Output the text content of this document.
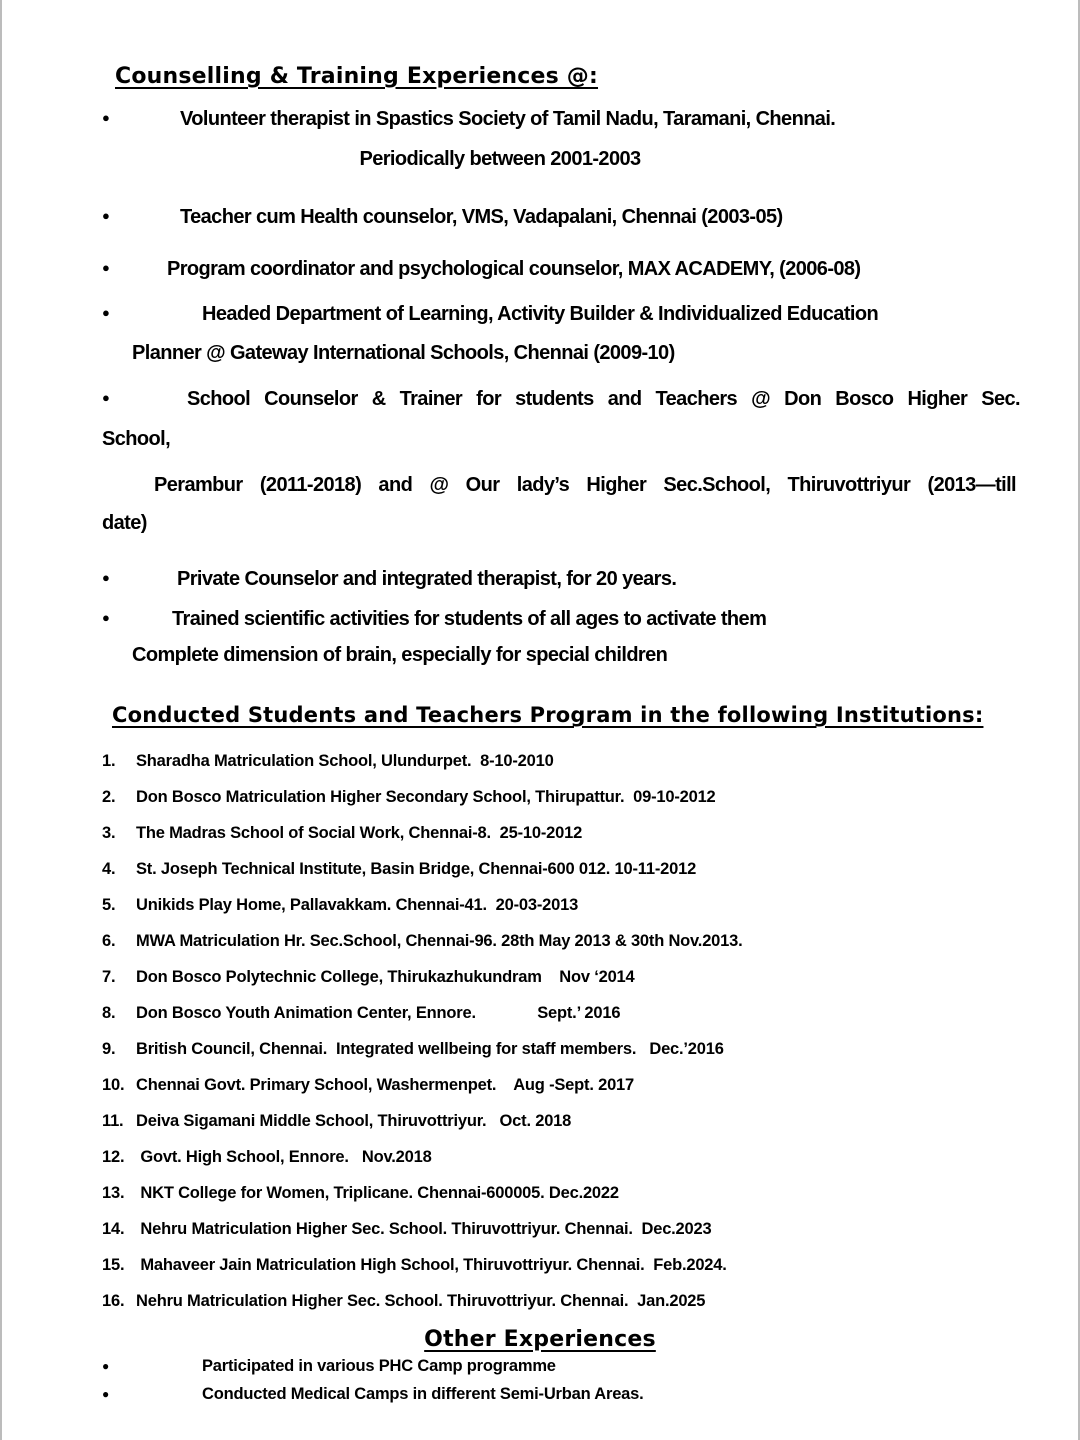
Counselling & Training Experiences @:
●	Volunteer therapist in Spastics Society of Tamil Nadu, Taramani, Chennai.
Periodically between 2001-2003
●	Teacher cum Health counselor, VMS, Vadapalani, Chennai (2003-05)
●	Program coordinator and psychological counselor, MAX ACADEMY, (2006-08)
●	Headed Department of Learning, Activity Builder & Individualized Education
Planner @ Gateway International Schools, Chennai (2009-10)
●	School Counselor & Trainer for students and Teachers @ Don Bosco Higher Sec.
School,
Perambur (2011-2018) and @ Our lady’s Higher Sec.School, Thiruvottriyur (2013—till
date)
●	Private Counselor and integrated therapist, for 20 years.
●	Trained scientific activities for students of all ages to activate them
Complete dimension of brain, especially for special children
Conducted Students and Teachers Program in the following Institutions:
1. Sharadha Matriculation School, Ulundurpet.  8-10-2010
2. Don Bosco Matriculation Higher Secondary School, Thirupattur.  09-10-2012
3. The Madras School of Social Work, Chennai-8.  25-10-2012
4. St. Joseph Technical Institute, Basin Bridge, Chennai-600 012. 10-11-2012
5. Unikids Play Home, Pallavakkam. Chennai-41.  20-03-2013
6. MWA Matriculation Hr. Sec.School, Chennai-96. 28th May 2013 & 30th Nov.2013.
7. Don Bosco Polytechnic College, Thirukazhukundram    Nov ‘2014
8. Don Bosco Youth Animation Center, Ennore.              Sept.’ 2016
9. British Council, Chennai.  Integrated wellbeing for staff members.   Dec.’2016
10. Chennai Govt. Primary School, Washermenpet.    Aug -Sept. 2017
11. Deiva Sigamani Middle School, Thiruvottriyur.   Oct. 2018
12. Govt. High School, Ennore.   Nov.2018
13. NKT College for Women, Triplicane. Chennai-600005. Dec.2022
14. Nehru Matriculation Higher Sec. School. Thiruvottriyur. Chennai.  Dec.2023
15. Mahaveer Jain Matriculation High School, Thiruvottriyur. Chennai.  Feb.2024.
16. Nehru Matriculation Higher Sec. School. Thiruvottriyur. Chennai.  Jan.2025
Other Experiences
●	Participated in various PHC Camp programme
●	Conducted Medical Camps in different Semi-Urban Areas.
